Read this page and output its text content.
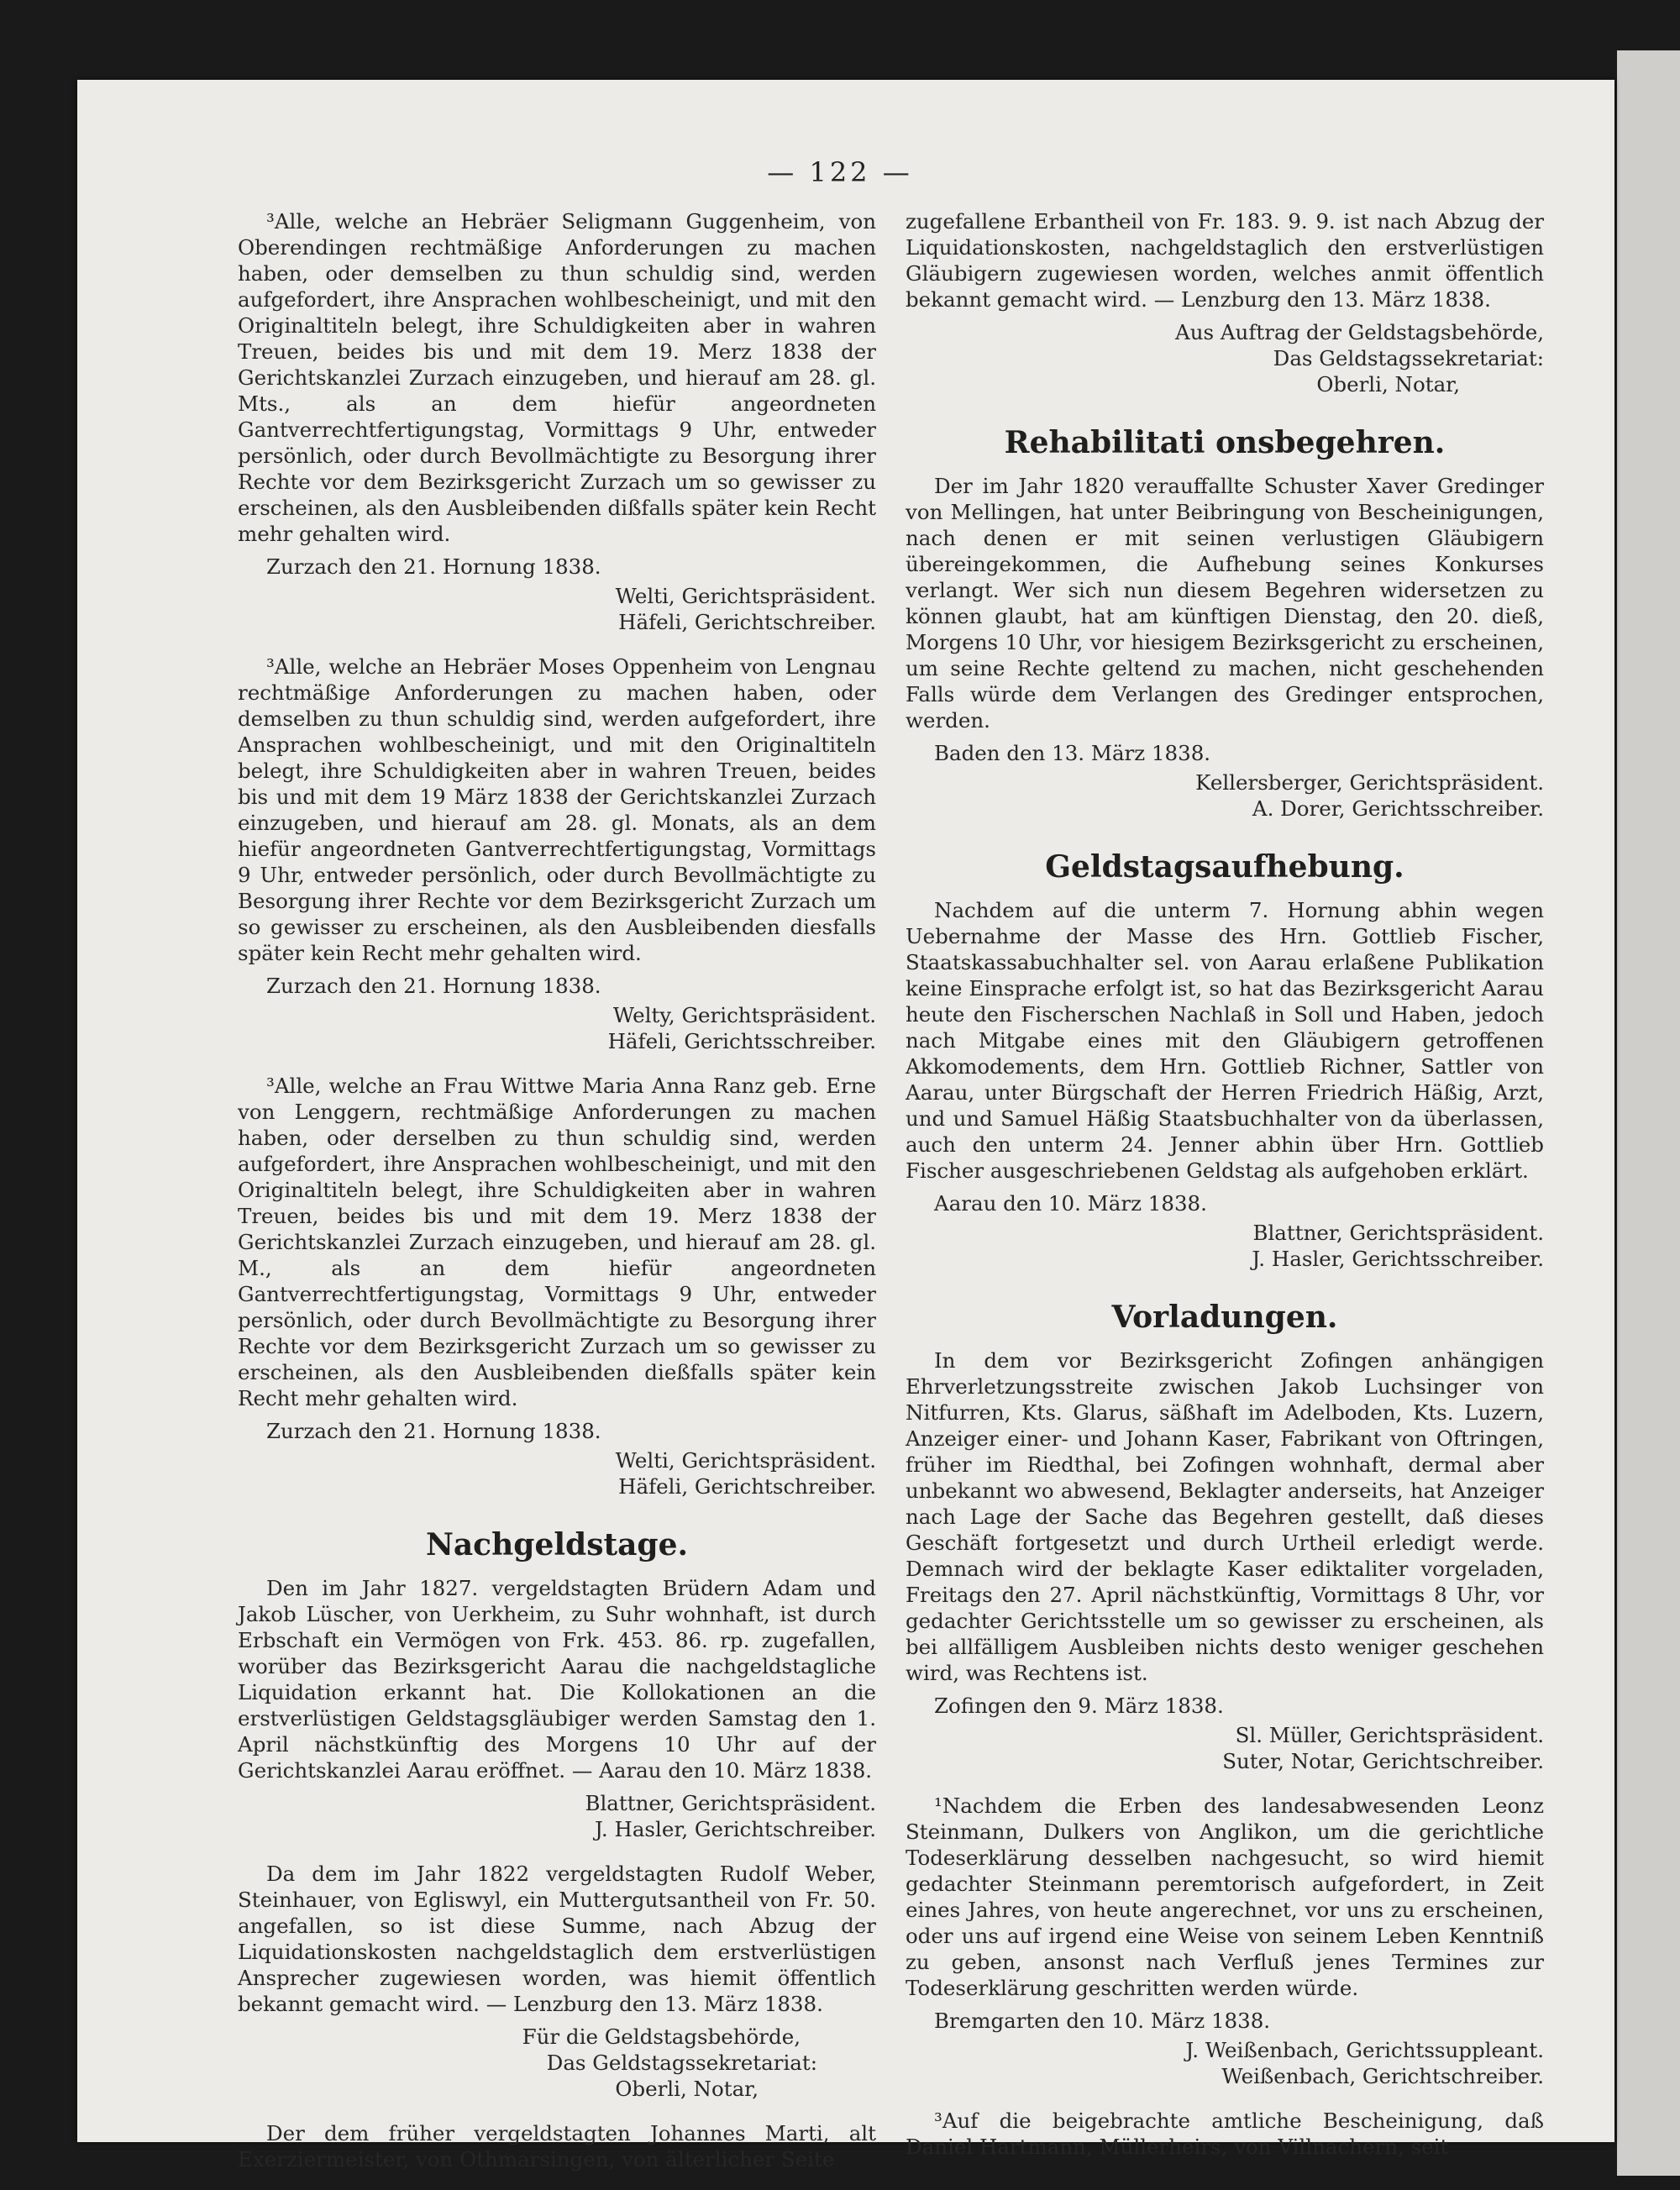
— 122 —

³Alle, welche an Hebräer Seligmann Guggenheim, von Oberendingen rechtmäßige Anforderungen zu machen haben, oder demselben zu thun schuldig sind, werden aufgefordert, ihre Ansprachen wohlbescheinigt, und mit den Originaltiteln belegt, ihre Schuldigkeiten aber in wahren Treuen, beides bis und mit dem 19. Merz 1838 der Gerichtskanzlei Zurzach einzugeben, und hierauf am 28. gl. Mts., als an dem hiefür angeordneten Gantverrechtfertigungstag, Vormittags 9 Uhr, entweder persönlich, oder durch Bevollmächtigte zu Besorgung ihrer Rechte vor dem Bezirksgericht Zurzach um so gewisser zu erscheinen, als den Ausbleibenden dißfalls später kein Recht mehr gehalten wird.

Zurzach den 21. Hornung 1838.

Welti, Gerichtspräsident.

Häfeli, Gerichtschreiber.

³Alle, welche an Hebräer Moses Oppenheim von Lengnau rechtmäßige Anforderungen zu machen haben, oder demselben zu thun schuldig sind, werden aufgefordert, ihre Ansprachen wohlbescheinigt, und mit den Originaltiteln belegt, ihre Schuldigkeiten aber in wahren Treuen, beides bis und mit dem 19 März 1838 der Gerichtskanzlei Zurzach einzugeben, und hierauf am 28. gl. Monats, als an dem hiefür angeordneten Gantverrechtfertigungstag, Vormittags 9 Uhr, entweder persönlich, oder durch Bevollmächtigte zu Besorgung ihrer Rechte vor dem Bezirksgericht Zurzach um so gewisser zu erscheinen, als den Ausbleibenden diesfalls später kein Recht mehr gehalten wird.

Zurzach den 21. Hornung 1838.

Welty, Gerichtspräsident.

Häfeli, Gerichtsschreiber.

³Alle, welche an Frau Wittwe Maria Anna Ranz geb. Erne von Lenggern, rechtmäßige Anforderungen zu machen haben, oder derselben zu thun schuldig sind, werden aufgefordert, ihre Ansprachen wohlbescheinigt, und mit den Originaltiteln belegt, ihre Schuldigkeiten aber in wahren Treuen, beides bis und mit dem 19. Merz 1838 der Gerichtskanzlei Zurzach einzugeben, und hierauf am 28. gl. M., als an dem hiefür angeordneten Gantverrechtfertigungstag, Vormittags 9 Uhr, entweder persönlich, oder durch Bevollmächtigte zu Besorgung ihrer Rechte vor dem Bezirksgericht Zurzach um so gewisser zu erscheinen, als den Ausbleibenden dießfalls später kein Recht mehr gehalten wird.

Zurzach den 21. Hornung 1838.

Welti, Gerichtspräsident.

Häfeli, Gerichtschreiber.

Nachgeldstage.

Den im Jahr 1827. vergeldstagten Brüdern Adam und Jakob Lüscher, von Uerkheim, zu Suhr wohnhaft, ist durch Erbschaft ein Vermögen von Frk. 453. 86. rp. zugefallen, worüber das Bezirksgericht Aarau die nachgeldstagliche Liquidation erkannt hat. Die Kollokationen an die erstverlüstigen Geldstagsgläubiger werden Samstag den 1. April nächstkünftig des Morgens 10 Uhr auf der Gerichtskanzlei Aarau eröffnet. — Aarau den 10. März 1838.

Blattner, Gerichtspräsident.

J. Hasler, Gerichtschreiber.

Da dem im Jahr 1822 vergeldstagten Rudolf Weber, Steinhauer, von Egliswyl, ein Muttergutsantheil von Fr. 50. angefallen, so ist diese Summe, nach Abzug der Liquidationskosten nachgeldstaglich dem erstverlüstigen Ansprecher zugewiesen worden, was hiemit öffentlich bekannt gemacht wird. — Lenzburg den 13. März 1838.

Für die Geldstagsbehörde,

Das Geldstagssekretariat:

Oberli, Notar,

Der dem früher vergeldstagten Johannes Marti, alt Exerziermeister, von Othmarsingen, von älterlicher Seite

zugefallene Erbantheil von Fr. 183. 9. 9. ist nach Abzug der Liquidationskosten, nachgeldstaglich den erstverlüstigen Gläubigern zugewiesen worden, welches anmit öffentlich bekannt gemacht wird. — Lenzburg den 13. März 1838.

Aus Auftrag der Geldstagsbehörde,

Das Geldstagssekretariat:

Oberli, Notar,

Rehabilitati onsbegehren.

Der im Jahr 1820 verauffallte Schuster Xaver Gredinger von Mellingen, hat unter Beibringung von Bescheinigungen, nach denen er mit seinen verlustigen Gläubigern übereingekommen, die Aufhebung seines Konkurses verlangt. Wer sich nun diesem Begehren widersetzen zu können glaubt, hat am künftigen Dienstag, den 20. dieß, Morgens 10 Uhr, vor hiesigem Bezirksgericht zu erscheinen, um seine Rechte geltend zu machen, nicht geschehenden Falls würde dem Verlangen des Gredinger entsprochen, werden.

Baden den 13. März 1838.

Kellersberger, Gerichtspräsident.

A. Dorer, Gerichtsschreiber.

Geldstagsaufhebung.

Nachdem auf die unterm 7. Hornung abhin wegen Uebernahme der Masse des Hrn. Gottlieb Fischer, Staatskassabuchhalter sel. von Aarau erlaßene Publikation keine Einsprache erfolgt ist, so hat das Bezirksgericht Aarau heute den Fischerschen Nachlaß in Soll und Haben, jedoch nach Mitgabe eines mit den Gläubigern getroffenen Akkomodements, dem Hrn. Gottlieb Richner, Sattler von Aarau, unter Bürgschaft der Herren Friedrich Häßig, Arzt, und und Samuel Häßig Staatsbuchhalter von da überlassen, auch den unterm 24. Jenner abhin über Hrn. Gottlieb Fischer ausgeschriebenen Geldstag als aufgehoben erklärt.

Aarau den 10. März 1838.

Blattner, Gerichtspräsident.

J. Hasler, Gerichtsschreiber.

Vorladungen.

In dem vor Bezirksgericht Zofingen anhängigen Ehrverletzungsstreite zwischen Jakob Luchsinger von Nitfurren, Kts. Glarus, säßhaft im Adelboden, Kts. Luzern, Anzeiger einer- und Johann Kaser, Fabrikant von Oftringen, früher im Riedthal, bei Zofingen wohnhaft, dermal aber unbekannt wo abwesend, Beklagter anderseits, hat Anzeiger nach Lage der Sache das Begehren gestellt, daß dieses Geschäft fortgesetzt und durch Urtheil erledigt werde. Demnach wird der beklagte Kaser ediktaliter vorgeladen, Freitags den 27. April nächstkünftig, Vormittags 8 Uhr, vor gedachter Gerichtsstelle um so gewisser zu erscheinen, als bei allfälligem Ausbleiben nichts desto weniger geschehen wird, was Rechtens ist.

Zofingen den 9. März 1838.

Sl. Müller, Gerichtspräsident.

Suter, Notar, Gerichtschreiber.

¹Nachdem die Erben des landesabwesenden Leonz Steinmann, Dulkers von Anglikon, um die gerichtliche Todeserklärung desselben nachgesucht, so wird hiemit gedachter Steinmann peremtorisch aufgefordert, in Zeit eines Jahres, von heute angerechnet, vor uns zu erscheinen, oder uns auf irgend eine Weise von seinem Leben Kenntniß zu geben, ansonst nach Verfluß jenes Termines zur Todeserklärung geschritten werden würde.

Bremgarten den 10. März 1838.

J. Weißenbach, Gerichtssuppleant.

Weißenbach, Gerichtschreiber.

³Auf die beigebrachte amtliche Bescheinigung, daß Daniel Hartmann, Müllerheirs, von Villnachern, seit
